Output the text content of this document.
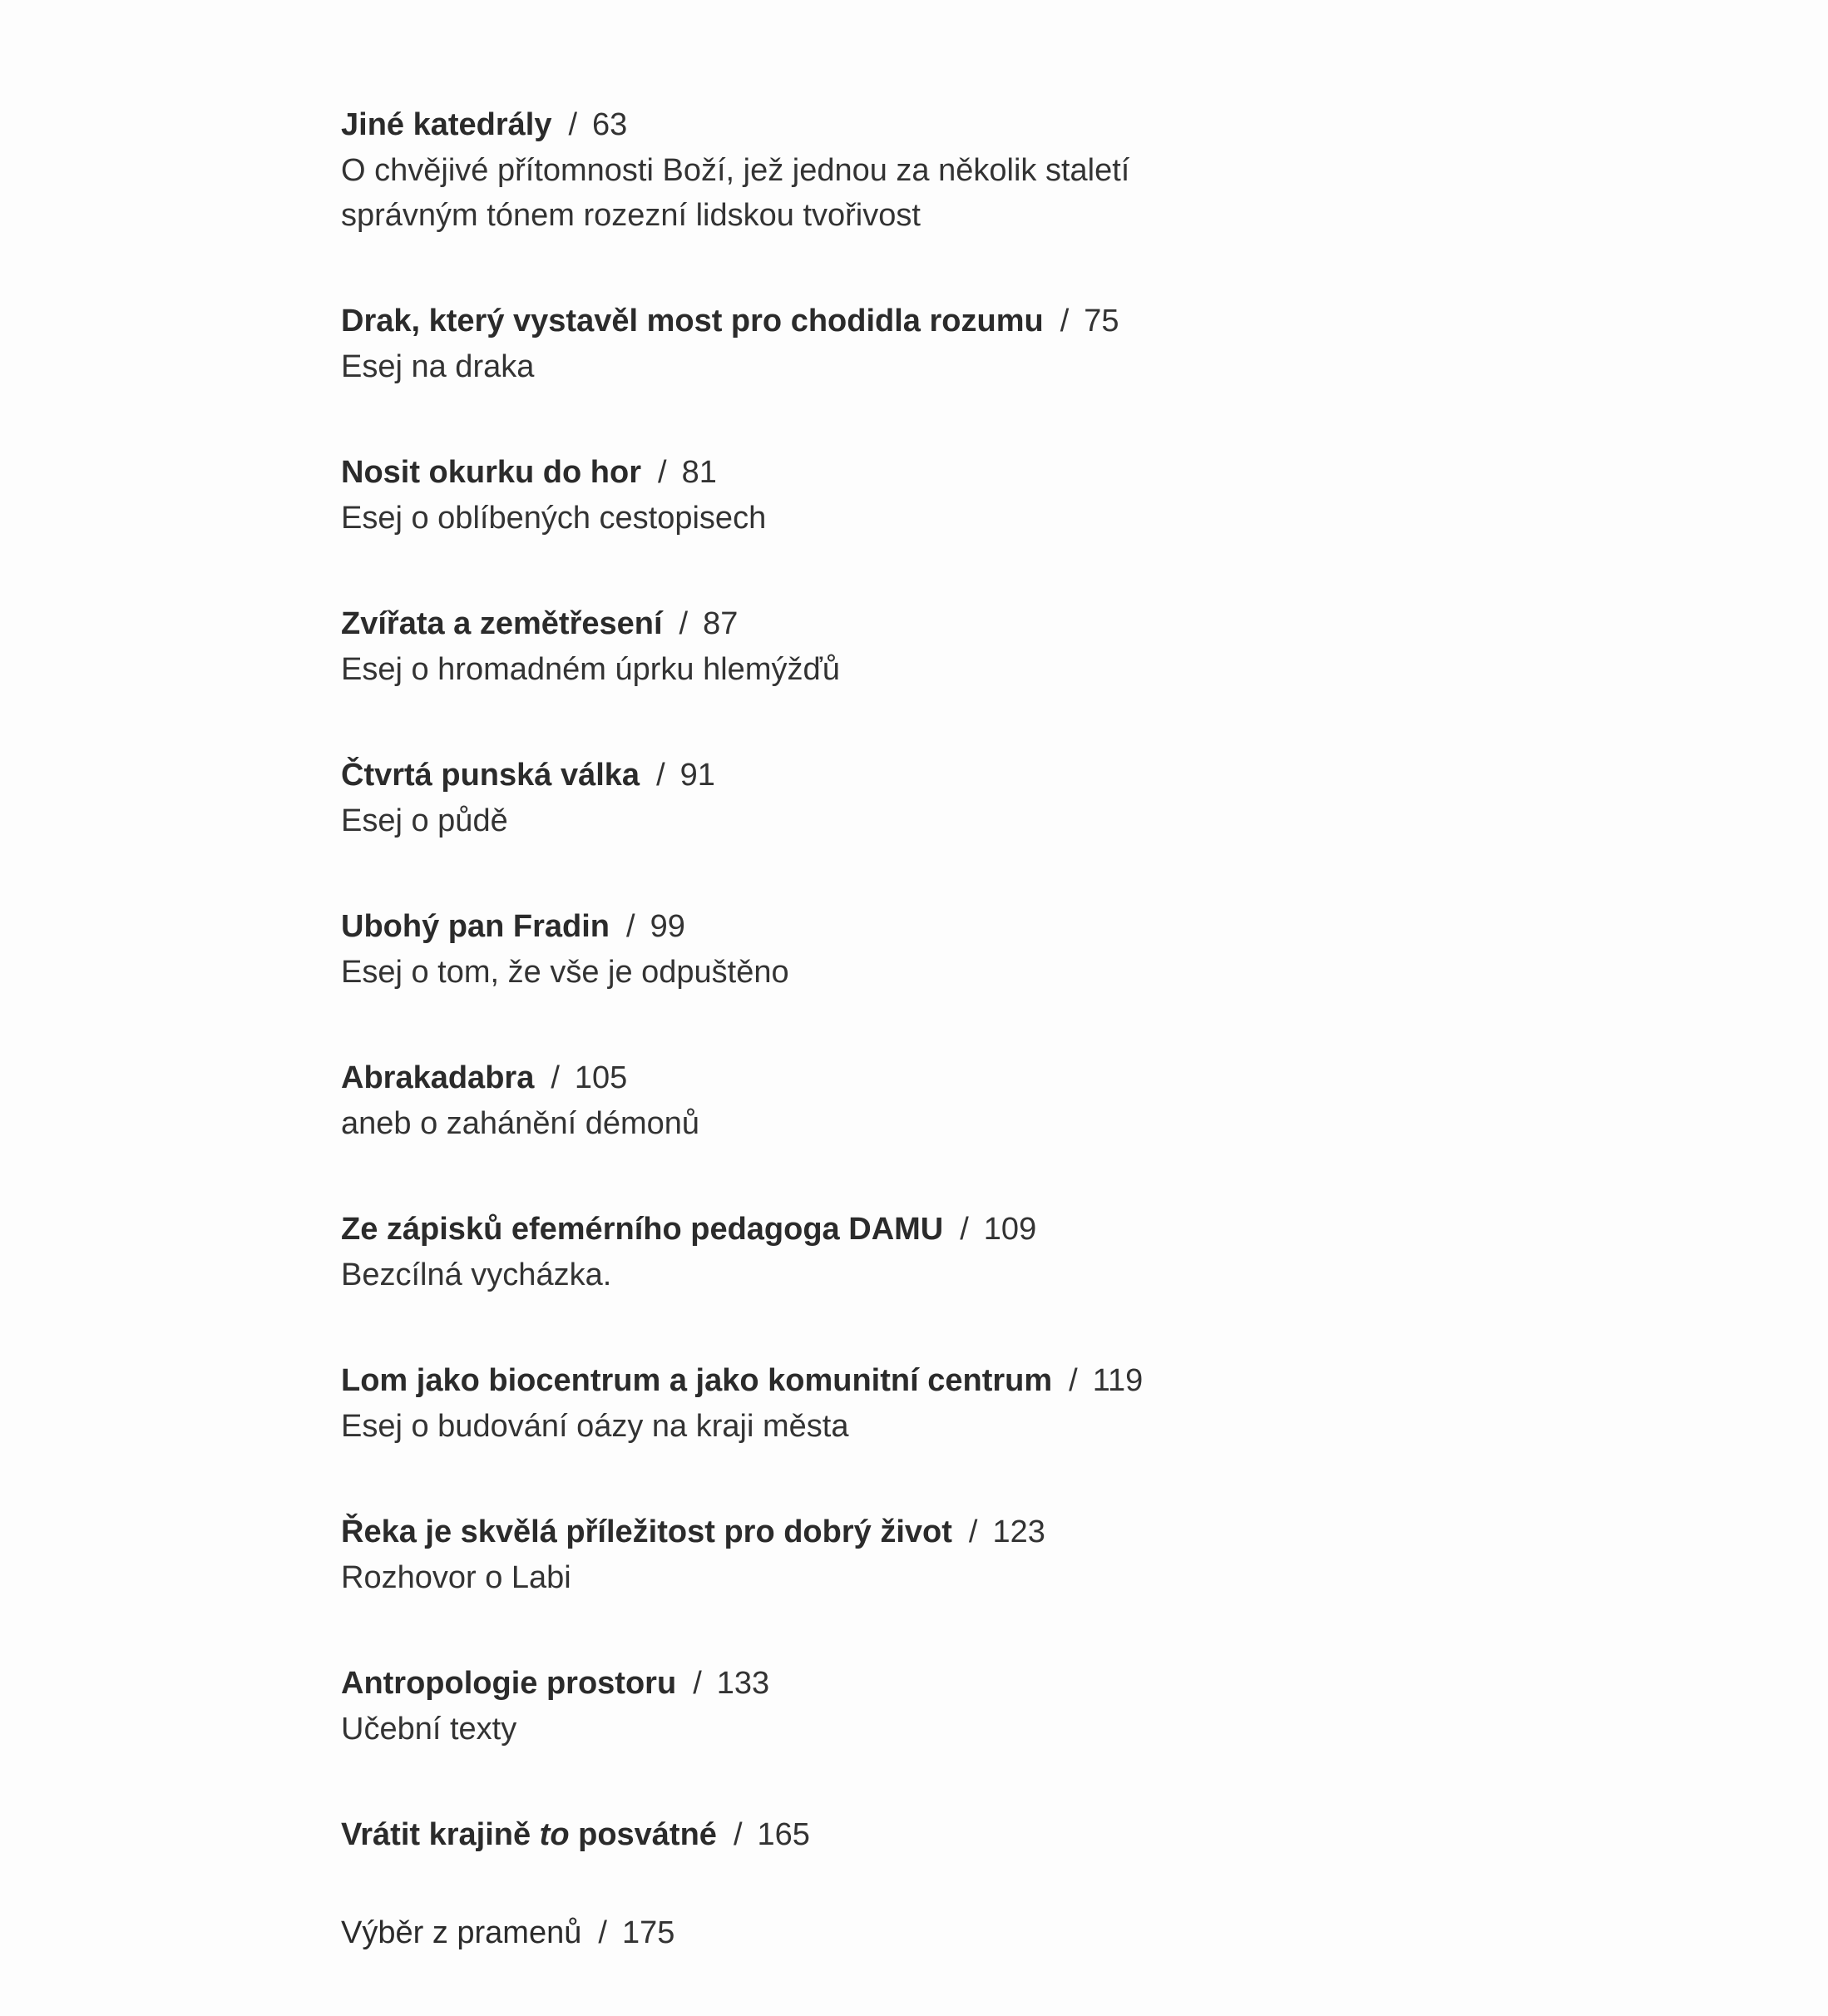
Jiné katedrály / 63
O chvějivé přítomnosti Boží, jež jednou za několik staletí
správným tónem rozezní lidskou tvořivost
Drak, který vystavěl most pro chodidla rozumu / 75
Esej na draka
Nosit okurku do hor / 81
Esej o oblíbených cestopisech
Zvířata a zemětřesení / 87
Esej o hromadném úprku hlemýžďů
Čtvrtá punská válka / 91
Esej o půdě
Ubohý pan Fradin / 99
Esej o tom, že vše je odpuštěno
Abrakadabra / 105
aneb o zahánění démonů
Ze zápisků efemérního pedagoga DAMU / 109
Bezcílná vycházka.
Lom jako biocentrum a jako komunitní centrum / 119
Esej o budování oázy na kraji města
Řeka je skvělá příležitost pro dobrý život / 123
Rozhovor o Labi
Antropologie prostoru / 133
Učební texty
Vrátit krajině to posvátné / 165
Výběr z pramenů / 175
